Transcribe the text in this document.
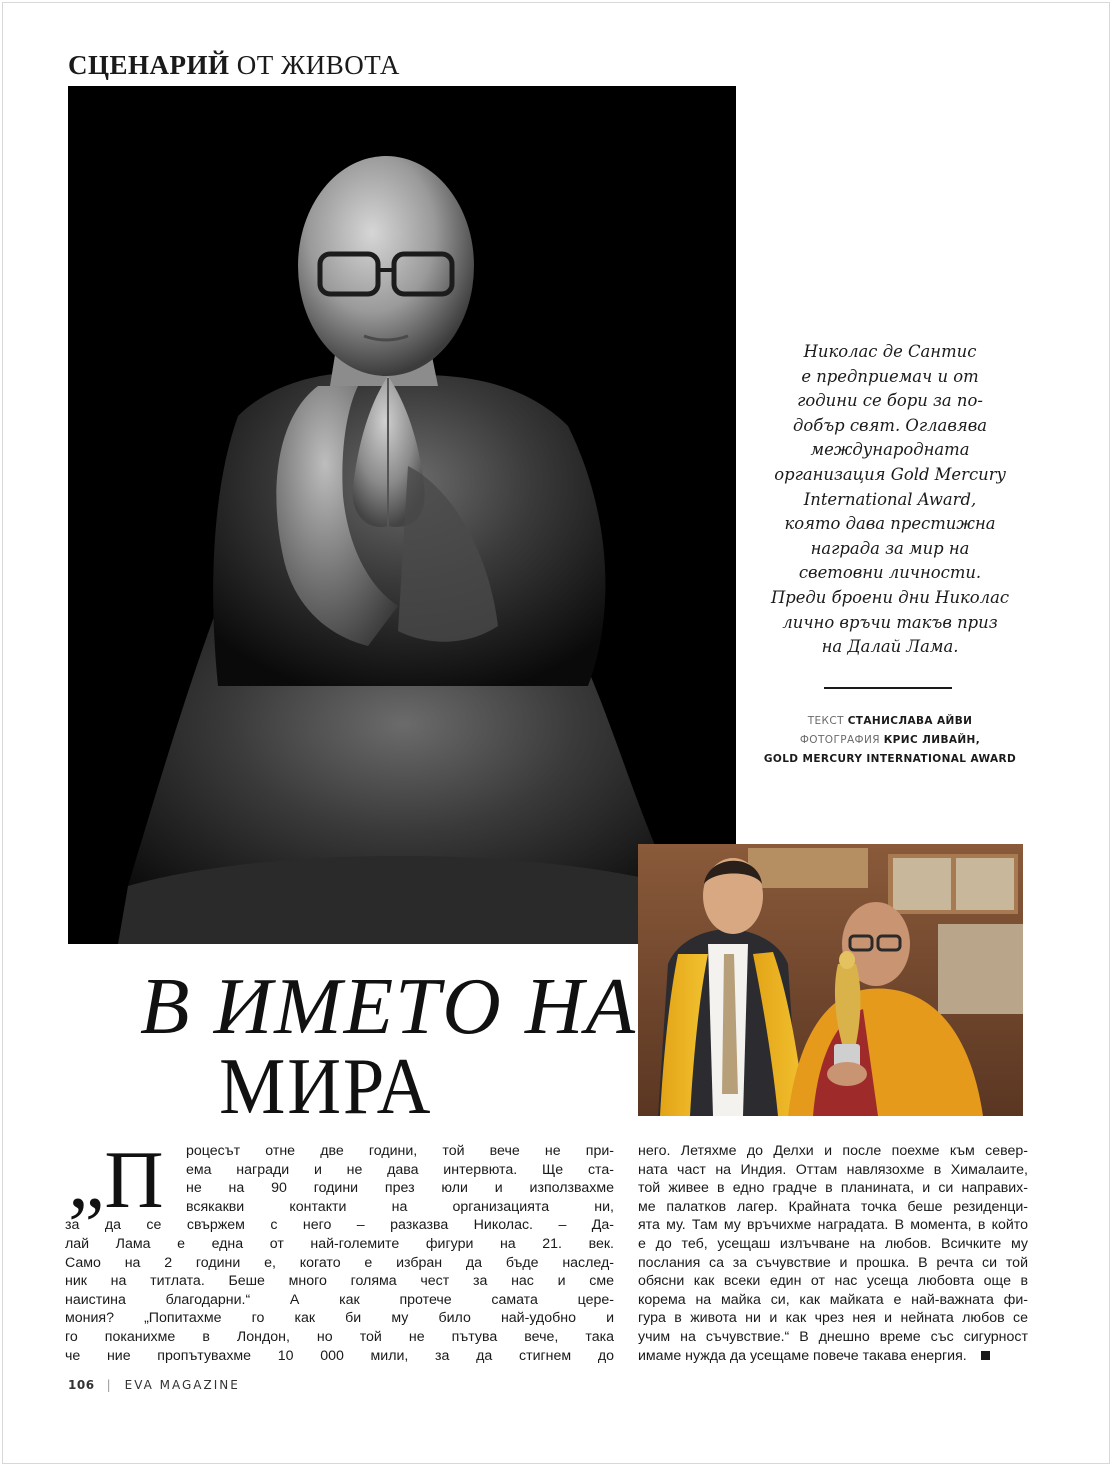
СЦЕНАРИЙ ОТ ЖИВОТА
Николас де Сантис
е предприемач и от
години се бори за по-
добър свят. Оглавява
международната
организация Gold Mercury
International Award,
която дава престижна
награда за мир на
световни личности.
Преди броени дни Николас
лично връчи такъв приз
на Далай Лама.
ТЕКСТ СТАНИСЛАВА АЙВИ
ФОТОГРАФИЯ КРИС ЛИВАЙН,
GOLD MERCURY INTERNATIONAL AWARD
В ИМЕТО НА
МИРА
„П роцесът отне две години, той вече не при-
ема награди и не дава интервюта. Ще ста-
не на 90 години през юли и използвахме
всякакви контакти на организацията ни,
за да се свържем с него – разказва Николас. – Да-
лай Лама е една от най-големите фигури на 21. век.
Само на 2 години е, когато е избран да бъде наслед-
ник на титлата. Беше много голяма чест за нас и сме
наистина благодарни.“ А как протече самата цере-
мония? „Попитахме го как би му било най-удобно и
го поканихме в Лондон, но той не пътува вече, така
че ние пропътувахме 10 000 мили, за да стигнем до
него. Летяхме до Делхи и после поехме към север-
ната част на Индия. Оттам навлязохме в Хималаите,
той живее в едно градче в планината, и си направих-
ме палатков лагер. Крайната точка беше резиденци-
ята му. Там му връчихме наградата. В момента, в който
е до теб, усещаш излъчване на любов. Всичките му
послания са за съчувствие и прошка. В речта си той
обясни как всеки един от нас усеща любовта още в
корема на майка си, как майката е най-важната фи-
гура в живота ни и как чрез нея и нейната любов се
учим на съчувствие.“ В днешно време със сигурност
имаме нужда да усещаме повече такава енергия.
106 | EVA MAGAZINE
